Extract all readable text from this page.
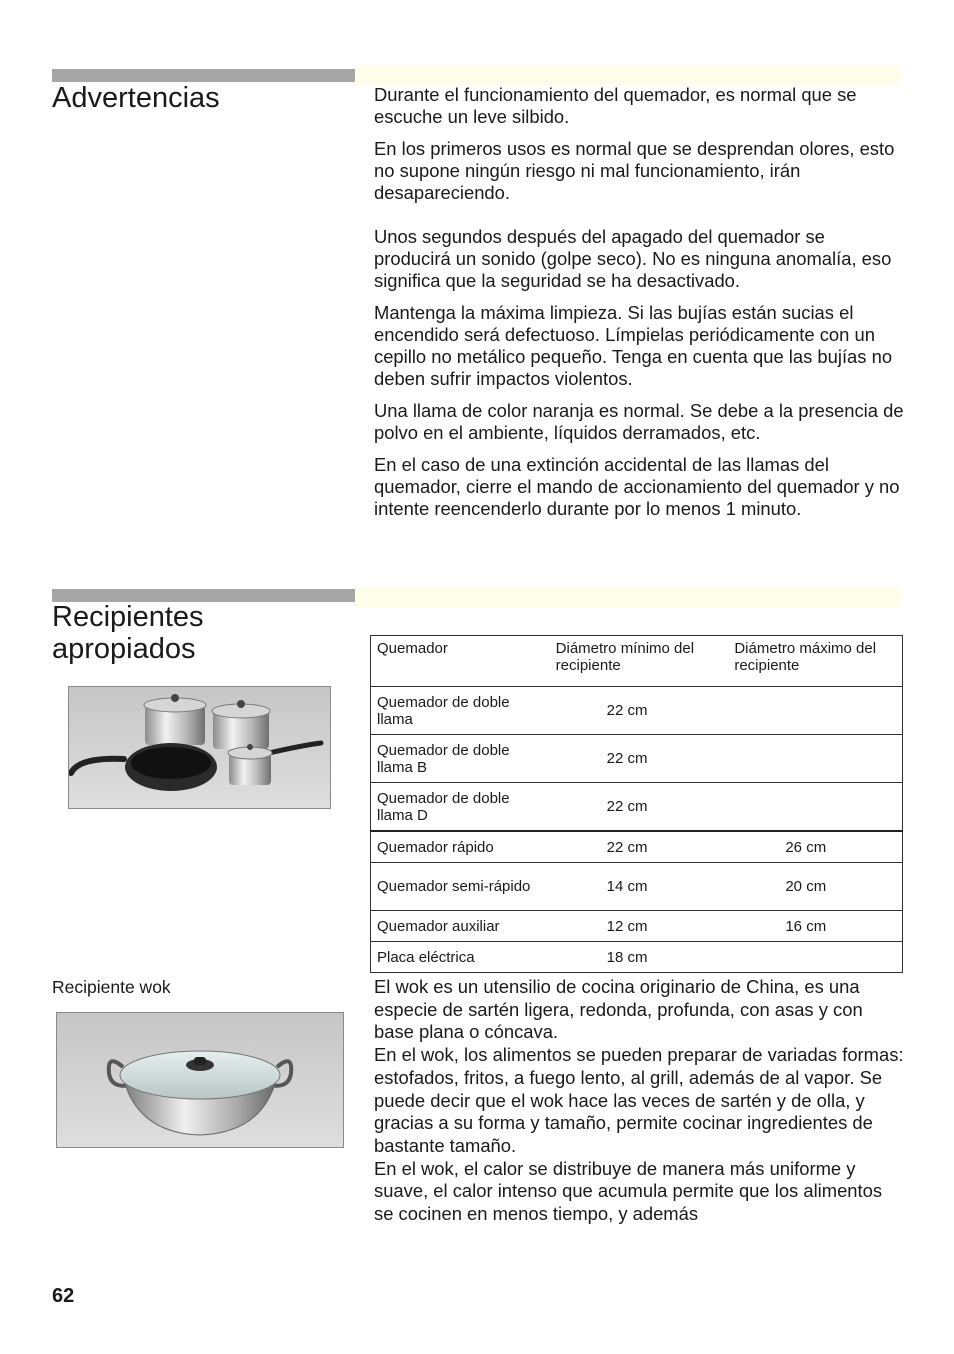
Advertencias	Durante el funcionamiento del quemador, es normal que se escuche un leve silbido.

En los primeros usos es normal que se desprendan olores, esto no supone ningún riesgo ni mal funcionamiento, irán desapareciendo.

Unos segundos después del apagado del quemador se producirá un sonido (golpe seco). No es ninguna anomalía, eso significa que la seguridad se ha desactivado.

Mantenga la máxima limpieza. Si las bujías están sucias el encendido será defectuoso. Límpielas periódicamente con un cepillo no metálico pequeño. Tenga en cuenta que las bujías no deben sufrir impactos violentos.

Una llama de color naranja es normal. Se debe a la presencia de polvo en el ambiente, líquidos derramados, etc.

En el caso de una extinción accidental de las llamas del quemador, cierre el mando de accionamiento del quemador y no intente reencenderlo durante por lo menos 1 minuto.

Recipientes
apropiados	Quemador	Diámetro mínimo del recipiente	Diámetro máximo del recipiente
Quemador de doble llama	22 cm	
Quemador de doble llama B	22 cm	
Quemador de doble llama D	22 cm	
Quemador rápido	22 cm	26 cm
Quemador semi-rápido	14 cm	20 cm
Quemador auxiliar	12 cm	16 cm
Placa eléctrica	18 cm	
Recipiente wok	El wok es un utensilio de cocina originario de China, es una especie de sartén ligera, redonda, profunda, con asas y con base plana o cóncava.

En el wok, los alimentos se pueden preparar de variadas formas: estofados, fritos, a fuego lento, al grill, además de al vapor. Se puede decir que el wok hace las veces de sartén y de olla, y gracias a su forma y tamaño, permite cocinar ingredientes de bastante tamaño.

En el wok, el calor se distribuye de manera más uniforme y suave, el calor intenso que acumula permite que los alimentos se cocinen en menos tiempo, y además

62
